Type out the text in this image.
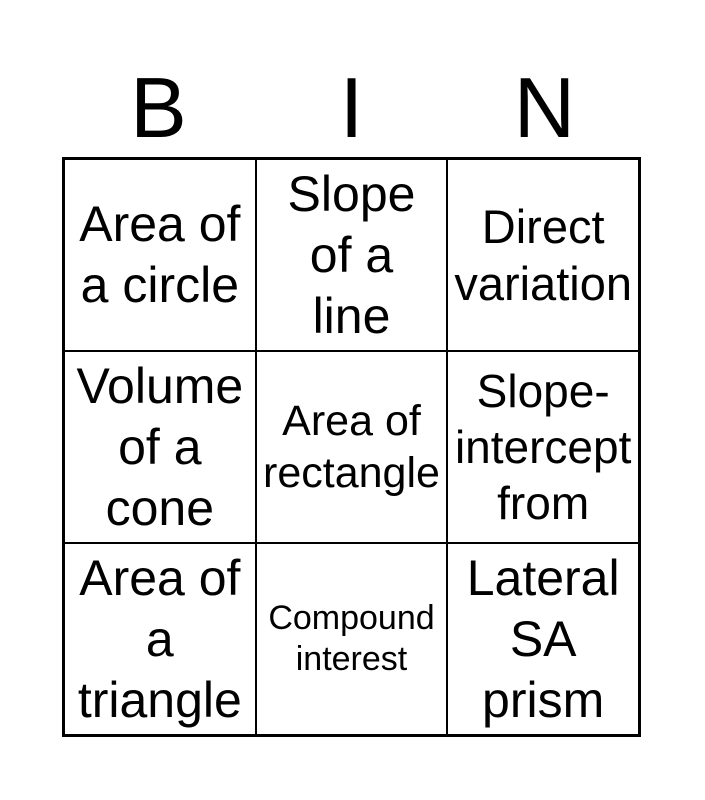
B	I	N
Area of
a circle
Slope
of a
line
Direct
variation
Volume
of a
cone
Area of
rectangle
Slope-
intercept
from
Area of
a
triangle
Compound
interest
Lateral
SA
prism
